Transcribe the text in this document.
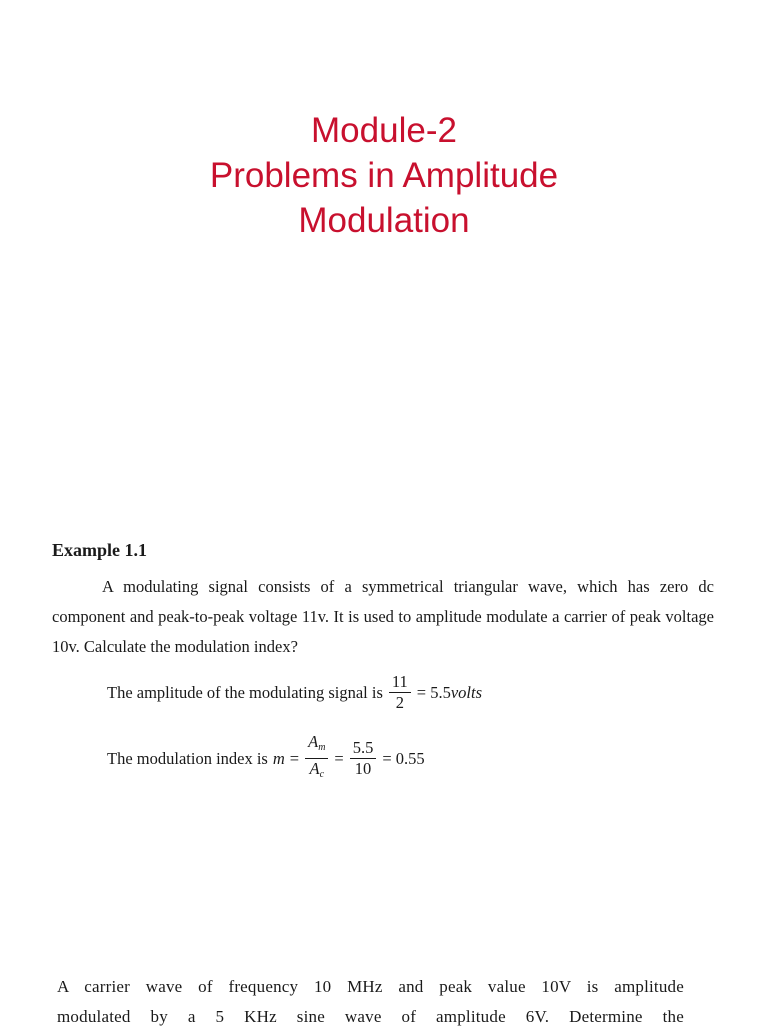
Module-2
Problems in Amplitude
Modulation
Example 1.1
A modulating signal consists of a symmetrical triangular wave, which has zero dc component and peak-to-peak voltage 11v. It is used to amplitude modulate a carrier of peak voltage 10v. Calculate the modulation index?
The amplitude of the modulating signal is $\frac{11}{2} = 5.5$ volts
The modulation index is $m = \frac{A_m}{A_c} = \frac{5.5}{10} = 0.55$
A carrier wave of frequency 10 MHz and peak value 10V is amplitude
modulated by a 5 KHz sine wave of amplitude 6V. Determine the
